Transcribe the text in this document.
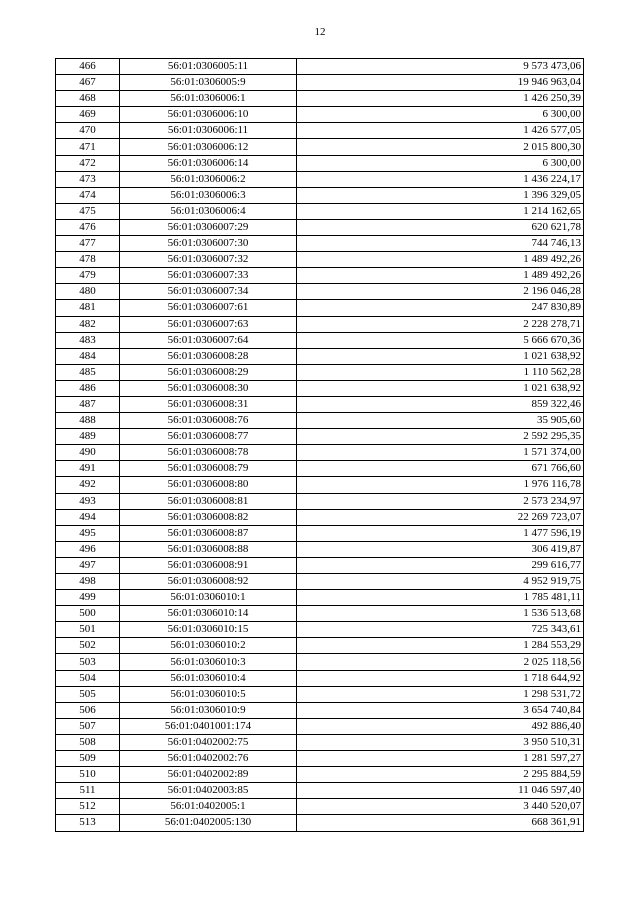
12
466	56:01:0306005:11	9 573 473,06
467	56:01:0306005:9	19 946 963,04
468	56:01:0306006:1	1 426 250,39
469	56:01:0306006:10	6 300,00
470	56:01:0306006:11	1 426 577,05
471	56:01:0306006:12	2 015 800,30
472	56:01:0306006:14	6 300,00
473	56:01:0306006:2	1 436 224,17
474	56:01:0306006:3	1 396 329,05
475	56:01:0306006:4	1 214 162,65
476	56:01:0306007:29	620 621,78
477	56:01:0306007:30	744 746,13
478	56:01:0306007:32	1 489 492,26
479	56:01:0306007:33	1 489 492,26
480	56:01:0306007:34	2 196 046,28
481	56:01:0306007:61	247 830,89
482	56:01:0306007:63	2 228 278,71
483	56:01:0306007:64	5 666 670,36
484	56:01:0306008:28	1 021 638,92
485	56:01:0306008:29	1 110 562,28
486	56:01:0306008:30	1 021 638,92
487	56:01:0306008:31	859 322,46
488	56:01:0306008:76	35 905,60
489	56:01:0306008:77	2 592 295,35
490	56:01:0306008:78	1 571 374,00
491	56:01:0306008:79	671 766,60
492	56:01:0306008:80	1 976 116,78
493	56:01:0306008:81	2 573 234,97
494	56:01:0306008:82	22 269 723,07
495	56:01:0306008:87	1 477 596,19
496	56:01:0306008:88	306 419,87
497	56:01:0306008:91	299 616,77
498	56:01:0306008:92	4 952 919,75
499	56:01:0306010:1	1 785 481,11
500	56:01:0306010:14	1 536 513,68
501	56:01:0306010:15	725 343,61
502	56:01:0306010:2	1 284 553,29
503	56:01:0306010:3	2 025 118,56
504	56:01:0306010:4	1 718 644,92
505	56:01:0306010:5	1 298 531,72
506	56:01:0306010:9	3 654 740,84
507	56:01:0401001:174	492 886,40
508	56:01:0402002:75	3 950 510,31
509	56:01:0402002:76	1 281 597,27
510	56:01:0402002:89	2 295 884,59
511	56:01:0402003:85	11 046 597,40
512	56:01:0402005:1	3 440 520,07
513	56:01:0402005:130	668 361,91
